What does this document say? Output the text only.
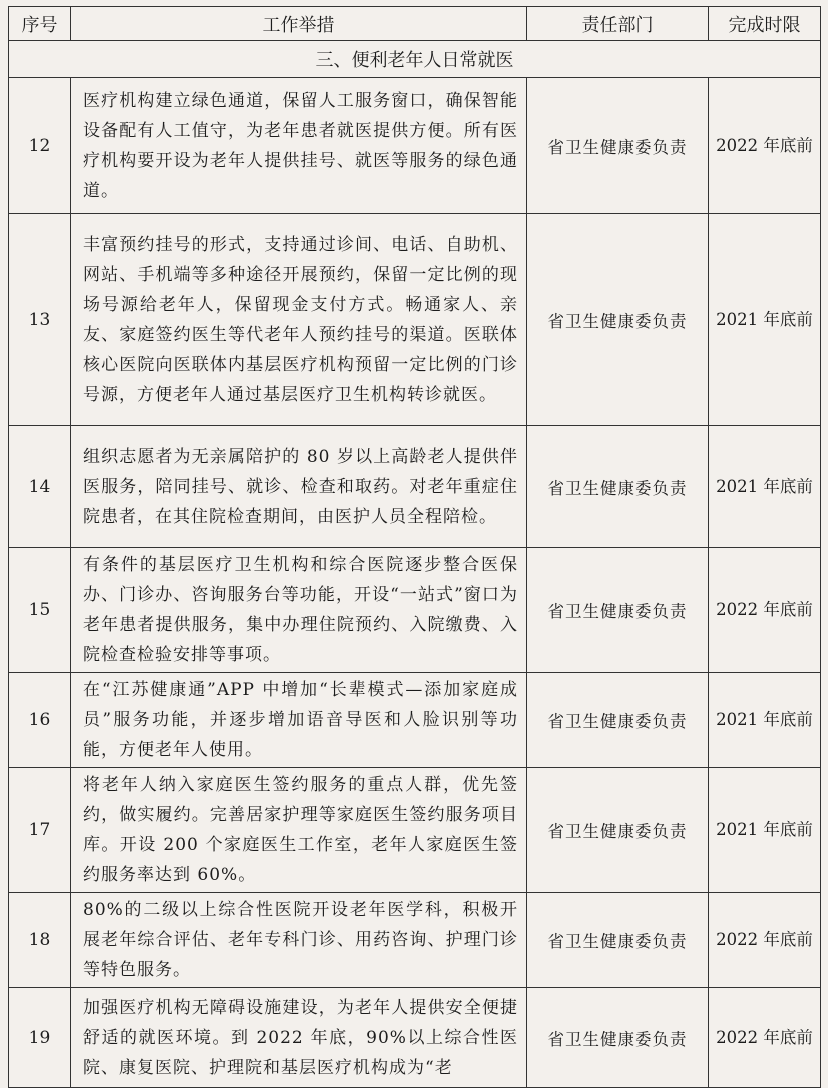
序号	工作举措	责任部门	完成时限
三、便利老年人日常就医			
12	医疗机构建立绿色通道，保留人工服务窗口，确保智能设备配有人工值守，为老年患者就医提供方便。所有医疗机构要开设为老年人提供挂号、就医等服务的绿色通道。	省卫生健康委负责	2022 年底前
13	丰富预约挂号的形式，支持通过诊间、电话、自助机、网站、手机端等多种途径开展预约，保留一定比例的现场号源给老年人，保留现金支付方式。畅通家人、亲友、家庭签约医生等代老年人预约挂号的渠道。医联体核心医院向医联体内基层医疗机构预留一定比例的门诊号源，方便老年人通过基层医疗卫生机构转诊就医。	省卫生健康委负责	2021 年底前
14	组织志愿者为无亲属陪护的 80 岁以上高龄老人提供伴医服务，陪同挂号、就诊、检查和取药。对老年重症住院患者，在其住院检查期间，由医护人员全程陪检。	省卫生健康委负责	2021 年底前
15	有条件的基层医疗卫生机构和综合医院逐步整合医保办、门诊办、咨询服务台等功能，开设“一站式”窗口为老年患者提供服务，集中办理住院预约、入院缴费、入院检查检验安排等事项。	省卫生健康委负责	2022 年底前
16	在“江苏健康通”APP 中增加“长辈模式—添加家庭成员”服务功能，并逐步增加语音导医和人脸识别等功能，方便老年人使用。	省卫生健康委负责	2021 年底前
17	将老年人纳入家庭医生签约服务的重点人群，优先签约，做实履约。完善居家护理等家庭医生签约服务项目库。开设 200 个家庭医生工作室，老年人家庭医生签约服务率达到 60%。	省卫生健康委负责	2021 年底前
18	80%的二级以上综合性医院开设老年医学科，积极开展老年综合评估、老年专科门诊、用药咨询、护理门诊等特色服务。	省卫生健康委负责	2022 年底前
19	加强医疗机构无障碍设施建设，为老年人提供安全便捷舒适的就医环境。到 2022 年底，90%以上综合性医院、康复医院、护理院和基层医疗机构成为“老	省卫生健康委负责	2022 年底前
